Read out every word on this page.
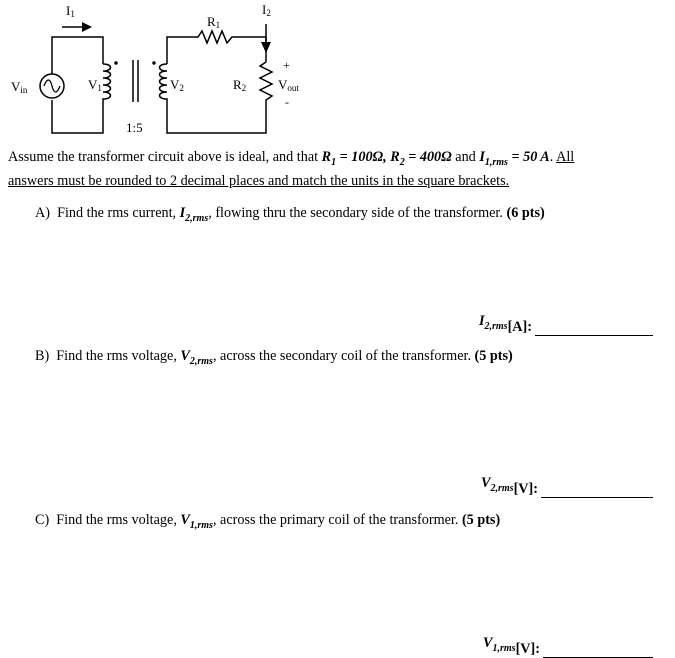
Vin
I1
V1	V2
R1
I2
R2 Vout
+
-
1:5
Assume the transformer circuit above is ideal, and that $R_1 = 100\Omega$, $R_2 = 400\Omega$ and $I_{1,rms} = 50$ A. All
answers must be rounded to 2 decimal places and match the units in the square brackets.
A) Find the rms current, $I_{2,rms}$, flowing thru the secondary side of the transformer. (6 pts)
$I_{2,rms}$ [A]:
B) Find the rms voltage, $V_{2,rms}$, across the secondary coil of the transformer. (5 pts)
$V_{2,rms}$ [V]:
C) Find the rms voltage, $V_{1,rms}$, across the primary coil of the transformer. (5 pts)
$V_{1,rms}$ [V]:
